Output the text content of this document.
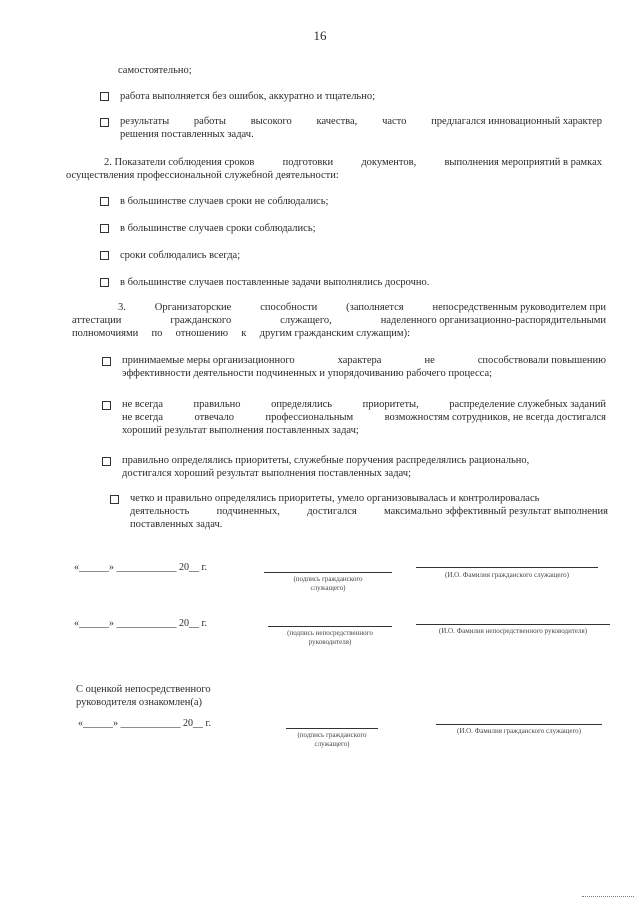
16
самостоятельно;
работа выполняется без ошибок, аккуратно и тщательно;
результаты работы высокого качества, часто предлагался инновационный характер
решения поставленных задач.
2. Показатели соблюдения сроков	подготовки	документов,	выполнения мероприятий в рамках
осуществления профессиональной служебной деятельности:
в большинстве случаев сроки не соблюдались;
в большинстве случаев сроки соблюдались;
сроки соблюдались всегда;
в большинстве случаев поставленные задачи выполнялись досрочно.
3.	Организаторские	способности	(заполняется	непосредственным руководителем при
аттестации	гражданского	служащего,	наделенного организационно-распорядительными
полномочиями по отношению к другим гражданским служащим):
принимаемые меры организационного	характера	не	способствовали повышению
эффективности деятельности подчиненных и упорядочиванию рабочего процесса;
не всегда	правильно	определялись	приоритеты,	распределение служебных заданий
не всегда	отвечало	профессиональным	возможностям сотрудников, не всегда достигался
хороший результат выполнения поставленных задач;
правильно определялись приоритеты, служебные поручения распределялись рационально,
достигался хороший результат выполнения поставленных задач;
четко и правильно определялись приоритеты, умело организовывалась и контролировалась
деятельность	подчиненных,	достигался	максимально эффективный результат выполнения
поставленных задач.
«______» ____________ 20__ г.
(подпись гражданского
служащего)
(И.О. Фамилия гражданского служащего)
«______» ____________ 20__ г.
(подпись непосредственного
руководителя)
(И.О. Фамилия непосредственного руководителя)
С оценкой непосредственного
руководителя ознакомлен(а)
«______» ____________ 20__ г.
(подпись гражданского
служащего)
(И.О. Фамилия гражданского служащего)
